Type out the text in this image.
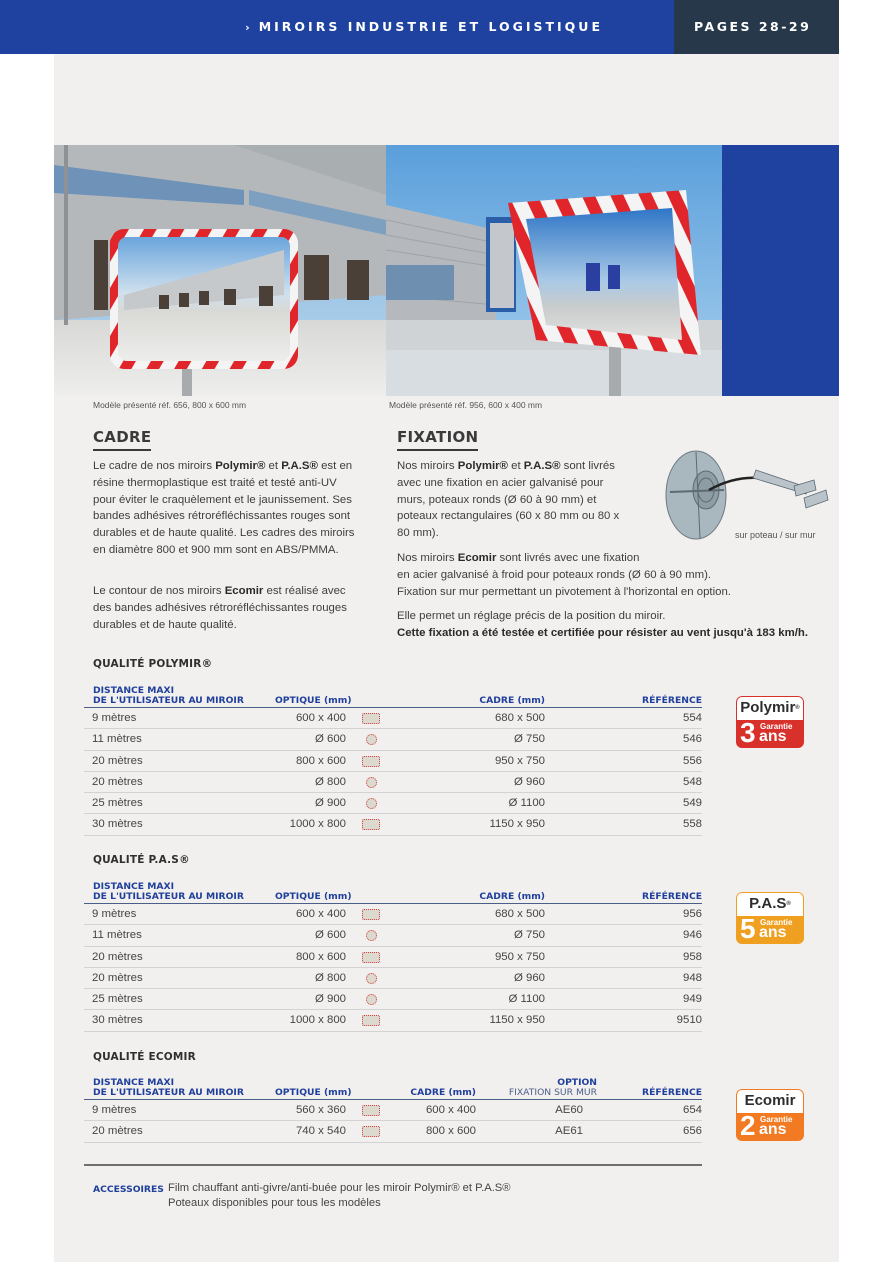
› MIROIRS INDUSTRIE ET LOGISTIQUE	PAGES 28-29
Modèle présenté réf. 656, 800 x 600 mm	Modèle présenté réf. 956, 600 x 400 mm
CADRE
Le cadre de nos miroirs Polymir® et P.A.S® est en résine thermoplastique est traité et testé anti-UV pour éviter le craquèlement et le jaunissement. Ses bandes adhésives rétroréfléchissantes rouges sont durables et de haute qualité. Les cadres des miroirs en diamètre 800 et 900 mm sont en ABS/PMMA.
Le contour de nos miroirs Ecomir est réalisé avec des bandes adhésives rétroréfléchissantes rouges durables et de haute qualité.
FIXATION
Nos miroirs Polymir® et P.A.S® sont livrés avec une fixation en acier galvanisé pour murs, poteaux ronds (Ø 60 à 90 mm) et poteaux rectangulaires (60 x 80 mm ou 80 x 80 mm).	sur poteau / sur mur
Nos miroirs Ecomir sont livrés avec une fixation
en acier galvanisé à froid pour poteaux ronds (Ø 60 à 90 mm).
Fixation sur mur permettant un pivotement à l'horizontal en option.
Elle permet un réglage précis de la position du miroir.
Cette fixation a été testée et certifiée pour résister au vent jusqu'à 183 km/h.
QUALITÉ POLYMIR®
DISTANCE MAXI
DE L'UTILISATEUR AU MIROIR	OPTIQUE (mm)	CADRE (mm)	RÉFÉRENCE
9 mètres	600 x 400	680 x 500	554
11 mètres	Ø 600	Ø 750	546
20 mètres	800 x 600	950 x 750	556
20 mètres	Ø 800	Ø 960	548
25 mètres	Ø 900	Ø 1100	549
30 mètres	1000 x 800	1150 x 950	558
Polymir®
3 Garantie
ans
QUALITÉ P.A.S®
DISTANCE MAXI
DE L'UTILISATEUR AU MIROIR	OPTIQUE (mm)	CADRE (mm)	RÉFÉRENCE
9 mètres	600 x 400	680 x 500	956
11 mètres	Ø 600	Ø 750	946
20 mètres	800 x 600	950 x 750	958
20 mètres	Ø 800	Ø 960	948
25 mètres	Ø 900	Ø 1100	949
30 mètres	1000 x 800	1150 x 950	9510
P.A.S®
5 Garantie
ans
QUALITÉ ECOMIR
DISTANCE MAXI
DE L'UTILISATEUR AU MIROIR	OPTIQUE (mm)	CADRE (mm)
OPTION
FIXATION SUR MUR	RÉFÉRENCE
9 mètres	560 x 360	600 x 400	AE60	654
20 mètres	740 x 540	800 x 600	AE61	656
Ecomir
2 Garantie
ans
ACCESSOIRES Film chauffant anti-givre/anti-buée pour les miroir Polymir® et P.A.S®
Poteaux disponibles pour tous les modèles
